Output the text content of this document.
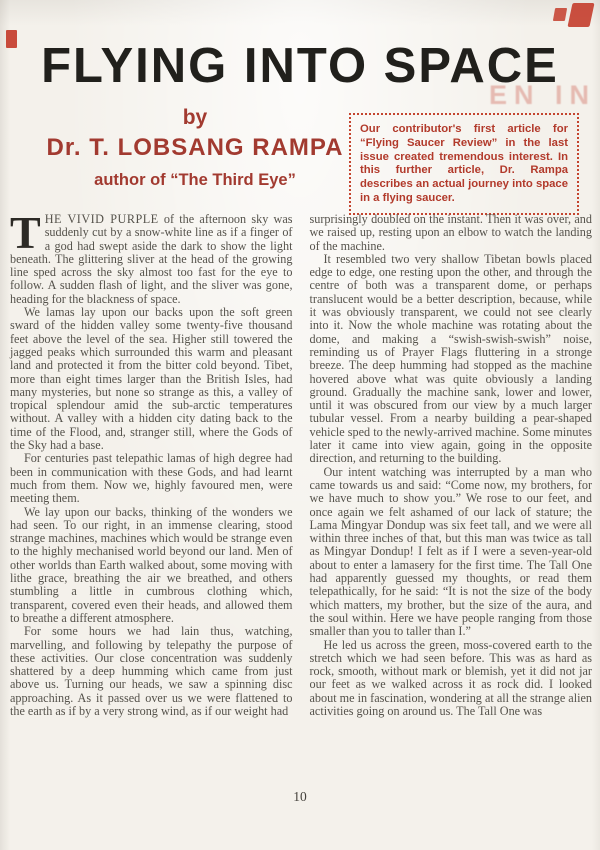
EN IN
FLYING INTO SPACE

by

Dr. T. LOBSANG RAMPA

author of “The Third Eye”

Our contributor's first article for “Flying Saucer Review” in the last issue created tremendous interest. In this further article, Dr. Rampa describes an actual journey into space in a flying saucer.

T HE VIVID PURPLE of the afternoon sky was suddenly cut by a snow-white line as if a finger of a god had swept aside the dark to show the light beneath. The glittering sliver at the head of the growing line sped across the sky almost too fast for the eye to follow. A sudden flash of light, and the sliver was gone, heading for the blackness of space.

We lamas lay upon our backs upon the soft green sward of the hidden valley some twenty-five thousand feet above the level of the sea. Higher still towered the jagged peaks which surrounded this warm and pleasant land and protected it from the bitter cold beyond. Tibet, more than eight times larger than the British Isles, had many mysteries, but none so strange as this, a valley of tropical splendour amid the sub-arctic temperatures without. A valley with a hidden city dating back to the time of the Flood, and, stranger still, where the Gods of the Sky had a base.

For centuries past telepathic lamas of high degree had been in communication with these Gods, and had learnt much from them. Now we, highly favoured men, were meeting them.

We lay upon our backs, thinking of the wonders we had seen. To our right, in an immense clearing, stood strange machines, machines which would be strange even to the highly mechanised world beyond our land. Men of other worlds than Earth walked about, some moving with lithe grace, breathing the air we breathed, and others stumbling a little in cumbrous clothing which, transparent, covered even their heads, and allowed them to breathe a different atmosphere.

For some hours we had lain thus, watching, marvelling, and following by telepathy the purpose of these activities. Our close concentration was suddenly shattered by a deep humming which came from just above us. Turning our heads, we saw a spinning disc approaching. As it passed over us we were flattened to the earth as if by a very strong wind, as if our weight had

surprisingly doubled on the instant. Then it was over, and we raised up, resting upon an elbow to watch the landing of the machine.

It resembled two very shallow Tibetan bowls placed edge to edge, one resting upon the other, and through the centre of both was a transparent dome, or perhaps translucent would be a better description, because, while it was obviously transparent, we could not see clearly into it. Now the whole machine was rotating about the dome, and making a “swish-swish-swish” noise, reminding us of Prayer Flags fluttering in a stronge breeze. The deep humming had stopped as the machine hovered above what was quite obviously a landing ground. Gradually the machine sank, lower and lower, until it was obscured from our view by a much larger tubular vessel. From a nearby building a pear-shaped vehicle sped to the newly-arrived machine. Some minutes later it came into view again, going in the opposite direction, and returning to the building.

Our intent watching was interrupted by a man who came towards us and said: “Come now, my brothers, for we have much to show you.” We rose to our feet, and once again we felt ashamed of our lack of stature; the Lama Mingyar Dondup was six feet tall, and we were all within three inches of that, but this man was twice as tall as Mingyar Dondup! I felt as if I were a seven-year-old about to enter a lamasery for the first time. The Tall One had apparently guessed my thoughts, or read them telepathically, for he said: “It is not the size of the body which matters, my brother, but the size of the aura, and the soul within. Here we have people ranging from those smaller than you to taller than I.”

He led us across the green, moss-covered earth to the stretch which we had seen before. This was as hard as rock, smooth, without mark or blemish, yet it did not jar our feet as we walked across it as rock did. I looked about me in fascination, wondering at all the strange alien activities going on around us. The Tall One was

10
